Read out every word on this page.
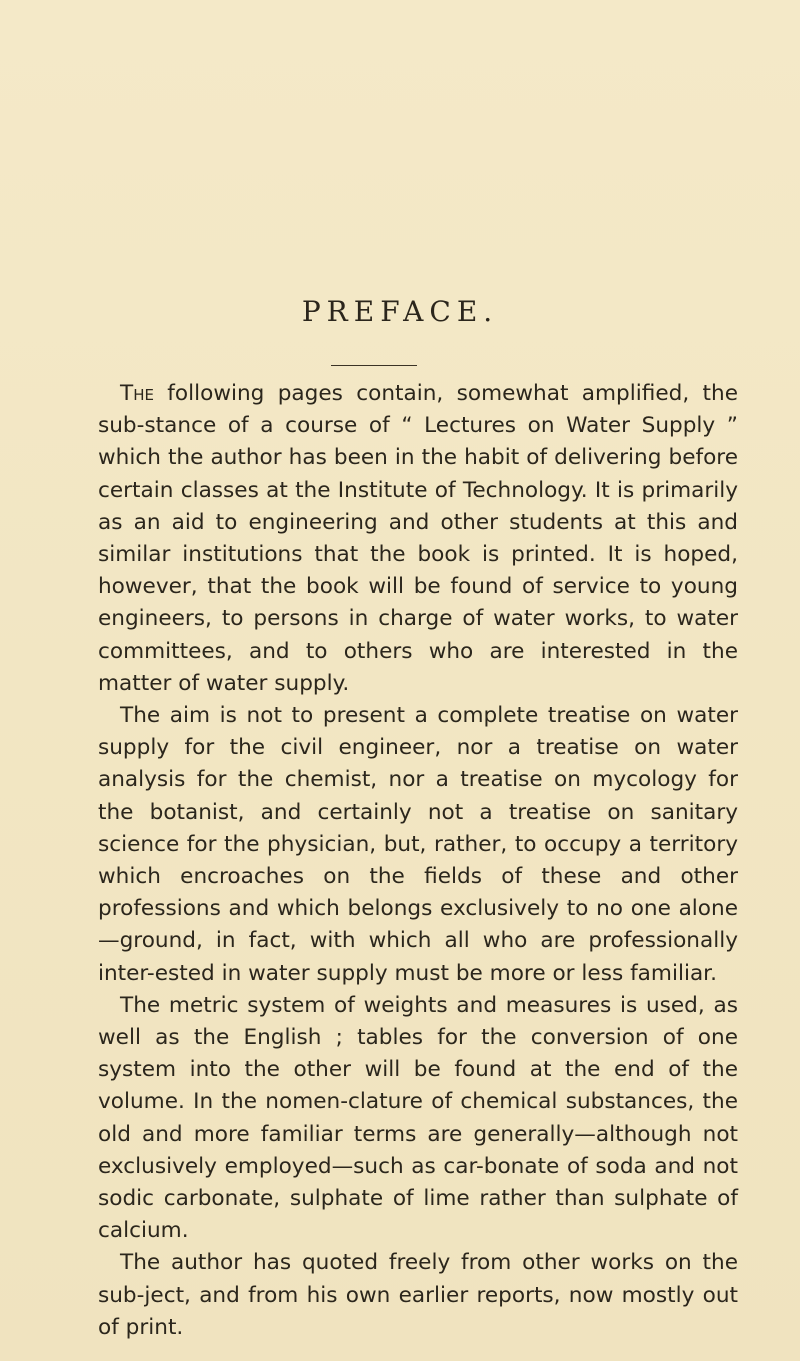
PREFACE.

The following pages contain, somewhat amplified, the sub-stance of a course of “ Lectures on Water Supply ” which the author has been in the habit of delivering before certain classes at the Institute of Technology. It is primarily as an aid to engineering and other students at this and similar institutions that the book is printed. It is hoped, however, that the book will be found of service to young engineers, to persons in charge of water works, to water committees, and to others who are interested in the matter of water supply.

The aim is not to present a complete treatise on water supply for the civil engineer, nor a treatise on water analysis for the chemist, nor a treatise on mycology for the botanist, and certainly not a treatise on sanitary science for the physician, but, rather, to occupy a territory which encroaches on the fields of these and other professions and which belongs exclusively to no one alone —ground, in fact, with which all who are professionally inter-ested in water supply must be more or less familiar.

The metric system of weights and measures is used, as well as the English ; tables for the conversion of one system into the other will be found at the end of the volume. In the nomen-clature of chemical substances, the old and more familiar terms are generally—although not exclusively employed—such as car-bonate of soda and not sodic carbonate, sulphate of lime rather than sulphate of calcium.

The author has quoted freely from other works on the sub-ject, and from his own earlier reports, now mostly out of print.
